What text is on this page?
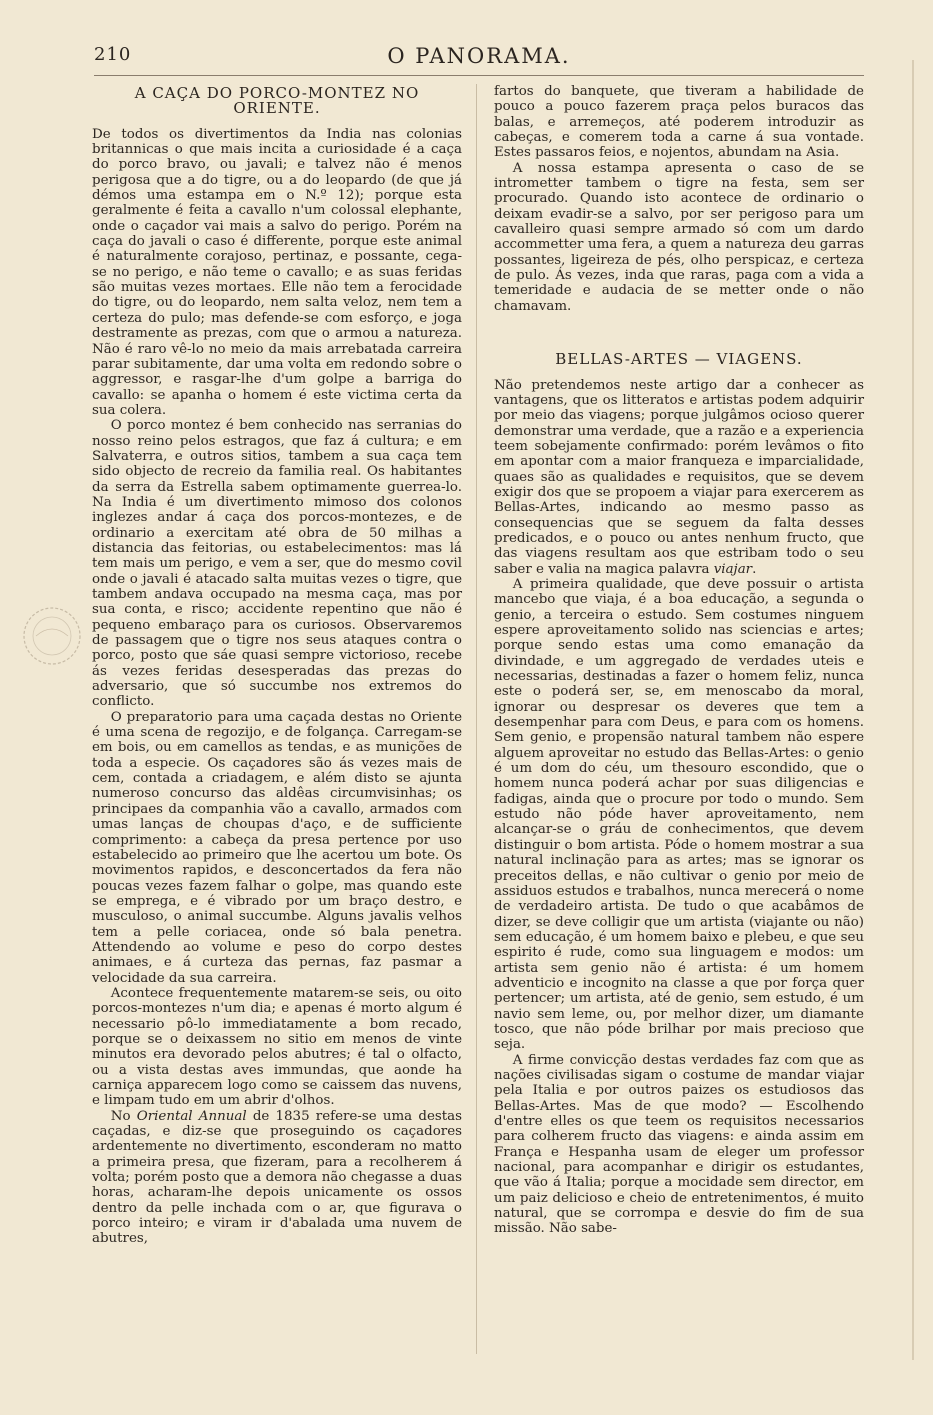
210	O PANORAMA.
A CAÇA DO PORCO-MONTEZ NO ORIENTE.

De todos os divertimentos da India nas colonias britannicas o que mais incita a curiosidade é a caça do porco bravo, ou javali; e talvez não é menos perigosa que a do tigre, ou a do leopardo (de que já démos uma estampa em o N.º 12); porque esta geralmente é feita a cavallo n'um colossal elephante, onde o caçador vai mais a salvo do perigo. Porém na caça do javali o caso é differente, porque este animal é naturalmente corajoso, pertinaz, e possante, cega-se no perigo, e não teme o cavallo; e as suas feridas são muitas vezes mortaes. Elle não tem a ferocidade do tigre, ou do leopardo, nem salta veloz, nem tem a certeza do pulo; mas defende-se com esforço, e joga destramente as prezas, com que o armou a natureza. Não é raro vê-lo no meio da mais arrebatada carreira parar subitamente, dar uma volta em redondo sobre o aggressor, e rasgar-lhe d'um golpe a barriga do cavallo: se apanha o homem é este victima certa da sua colera.

O porco montez é bem conhecido nas serranias do nosso reino pelos estragos, que faz á cultura; e em Salvaterra, e outros sitios, tambem a sua caça tem sido objecto de recreio da familia real. Os habitantes da serra da Estrella sabem optimamente guerrea-lo. Na India é um divertimento mimoso dos colonos inglezes andar á caça dos porcos-montezes, e de ordinario a exercitam até obra de 50 milhas a distancia das feitorias, ou estabelecimentos: mas lá tem mais um perigo, e vem a ser, que do mesmo covil onde o javali é atacado salta muitas vezes o tigre, que tambem andava occupado na mesma caça, mas por sua conta, e risco; accidente repentino que não é pequeno embaraço para os curiosos. Observaremos de passagem que o tigre nos seus ataques contra o porco, posto que sáe quasi sempre victorioso, recebe ás vezes feridas desesperadas das prezas do adversario, que só succumbe nos extremos do conflicto.

O preparatorio para uma caçada destas no Oriente é uma scena de regozijo, e de folgança. Carregam-se em bois, ou em camellos as tendas, e as munições de toda a especie. Os caçadores são ás vezes mais de cem, contada a criadagem, e além disto se ajunta numeroso concurso das aldêas circumvisinhas; os principaes da companhia vão a cavallo, armados com umas lanças de choupas d'aço, e de sufficiente comprimento: a cabeça da presa pertence por uso estabelecido ao primeiro que lhe acertou um bote. Os movimentos rapidos, e desconcertados da fera não poucas vezes fazem falhar o golpe, mas quando este se emprega, e é vibrado por um braço destro, e musculoso, o animal succumbe. Alguns javalis velhos tem a pelle coriacea, onde só bala penetra. Attendendo ao volume e peso do corpo destes animaes, e á curteza das pernas, faz pasmar a velocidade da sua carreira.

Acontece frequentemente matarem-se seis, ou oito porcos-montezes n'um dia; e apenas é morto algum é necessario pô-lo immediatamente a bom recado, porque se o deixassem no sitio em menos de vinte minutos era devorado pelos abutres; é tal o olfacto, ou a vista destas aves immundas, que aonde ha carniça apparecem logo como se caissem das nuvens, e limpam tudo em um abrir d'olhos.

No Oriental Annual de 1835 refere-se uma destas caçadas, e diz-se que proseguindo os caçadores ardentemente no divertimento, esconderam no matto a primeira presa, que fizeram, para a recolherem á volta; porém posto que a demora não chegasse a duas horas, acharam-lhe depois unicamente os ossos dentro da pelle inchada com o ar, que figurava o porco inteiro; e viram ir d'abalada uma nuvem de abutres,

fartos do banquete, que tiveram a habilidade de pouco a pouco fazerem praça pelos buracos das balas, e arremeços, até poderem introduzir as cabeças, e comerem toda a carne á sua vontade. Estes passaros feios, e nojentos, abundam na Asia.

A nossa estampa apresenta o caso de se intrometter tambem o tigre na festa, sem ser procurado. Quando isto acontece de ordinario o deixam evadir-se a salvo, por ser perigoso para um cavalleiro quasi sempre armado só com um dardo accommetter uma fera, a quem a natureza deu garras possantes, ligeireza de pés, olho perspicaz, e certeza de pulo. Ás vezes, inda que raras, paga com a vida a temeridade e audacia de se metter onde o não chamavam.

BELLAS-ARTES — VIAGENS.

Não pretendemos neste artigo dar a conhecer as vantagens, que os litteratos e artistas podem adquirir por meio das viagens; porque julgâmos ocioso querer demonstrar uma verdade, que a razão e a experiencia teem sobejamente confirmado: porém levâmos o fito em apontar com a maior franqueza e imparcialidade, quaes são as qualidades e requisitos, que se devem exigir dos que se propoem a viajar para exercerem as Bellas-Artes, indicando ao mesmo passo as consequencias que se seguem da falta desses predicados, e o pouco ou antes nenhum fructo, que das viagens resultam aos que estribam todo o seu saber e valia na magica palavra viajar.

A primeira qualidade, que deve possuir o artista mancebo que viaja, é a boa educação, a segunda o genio, a terceira o estudo. Sem costumes ninguem espere aproveitamento solido nas sciencias e artes; porque sendo estas uma como emanação da divindade, e um aggregado de verdades uteis e necessarias, destinadas a fazer o homem feliz, nunca este o poderá ser, se, em menoscabo da moral, ignorar ou despresar os deveres que tem a desempenhar para com Deus, e para com os homens. Sem genio, e propensão natural tambem não espere alguem aproveitar no estudo das Bellas-Artes: o genio é um dom do céu, um thesouro escondido, que o homem nunca poderá achar por suas diligencias e fadigas, ainda que o procure por todo o mundo. Sem estudo não póde haver aproveitamento, nem alcançar-se o gráu de conhecimentos, que devem distinguir o bom artista. Póde o homem mostrar a sua natural inclinação para as artes; mas se ignorar os preceitos dellas, e não cultivar o genio por meio de assiduos estudos e trabalhos, nunca merecerá o nome de verdadeiro artista. De tudo o que acabâmos de dizer, se deve colligir que um artista (viajante ou não) sem educação, é um homem baixo e plebeu, e que seu espirito é rude, como sua linguagem e modos: um artista sem genio não é artista: é um homem adventicio e incognito na classe a que por força quer pertencer; um artista, até de genio, sem estudo, é um navio sem leme, ou, por melhor dizer, um diamante tosco, que não póde brilhar por mais precioso que seja.

A firme convicção destas verdades faz com que as nações civilisadas sigam o costume de mandar viajar pela Italia e por outros paizes os estudiosos das Bellas-Artes. Mas de que modo? — Escolhendo d'entre elles os que teem os requisitos necessarios para colherem fructo das viagens: e ainda assim em França e Hespanha usam de eleger um professor nacional, para acompanhar e dirigir os estudantes, que vão á Italia; porque a mocidade sem director, em um paiz delicioso e cheio de entretenimentos, é muito natural, que se corrompa e desvie do fim de sua missão. Não sabe-
